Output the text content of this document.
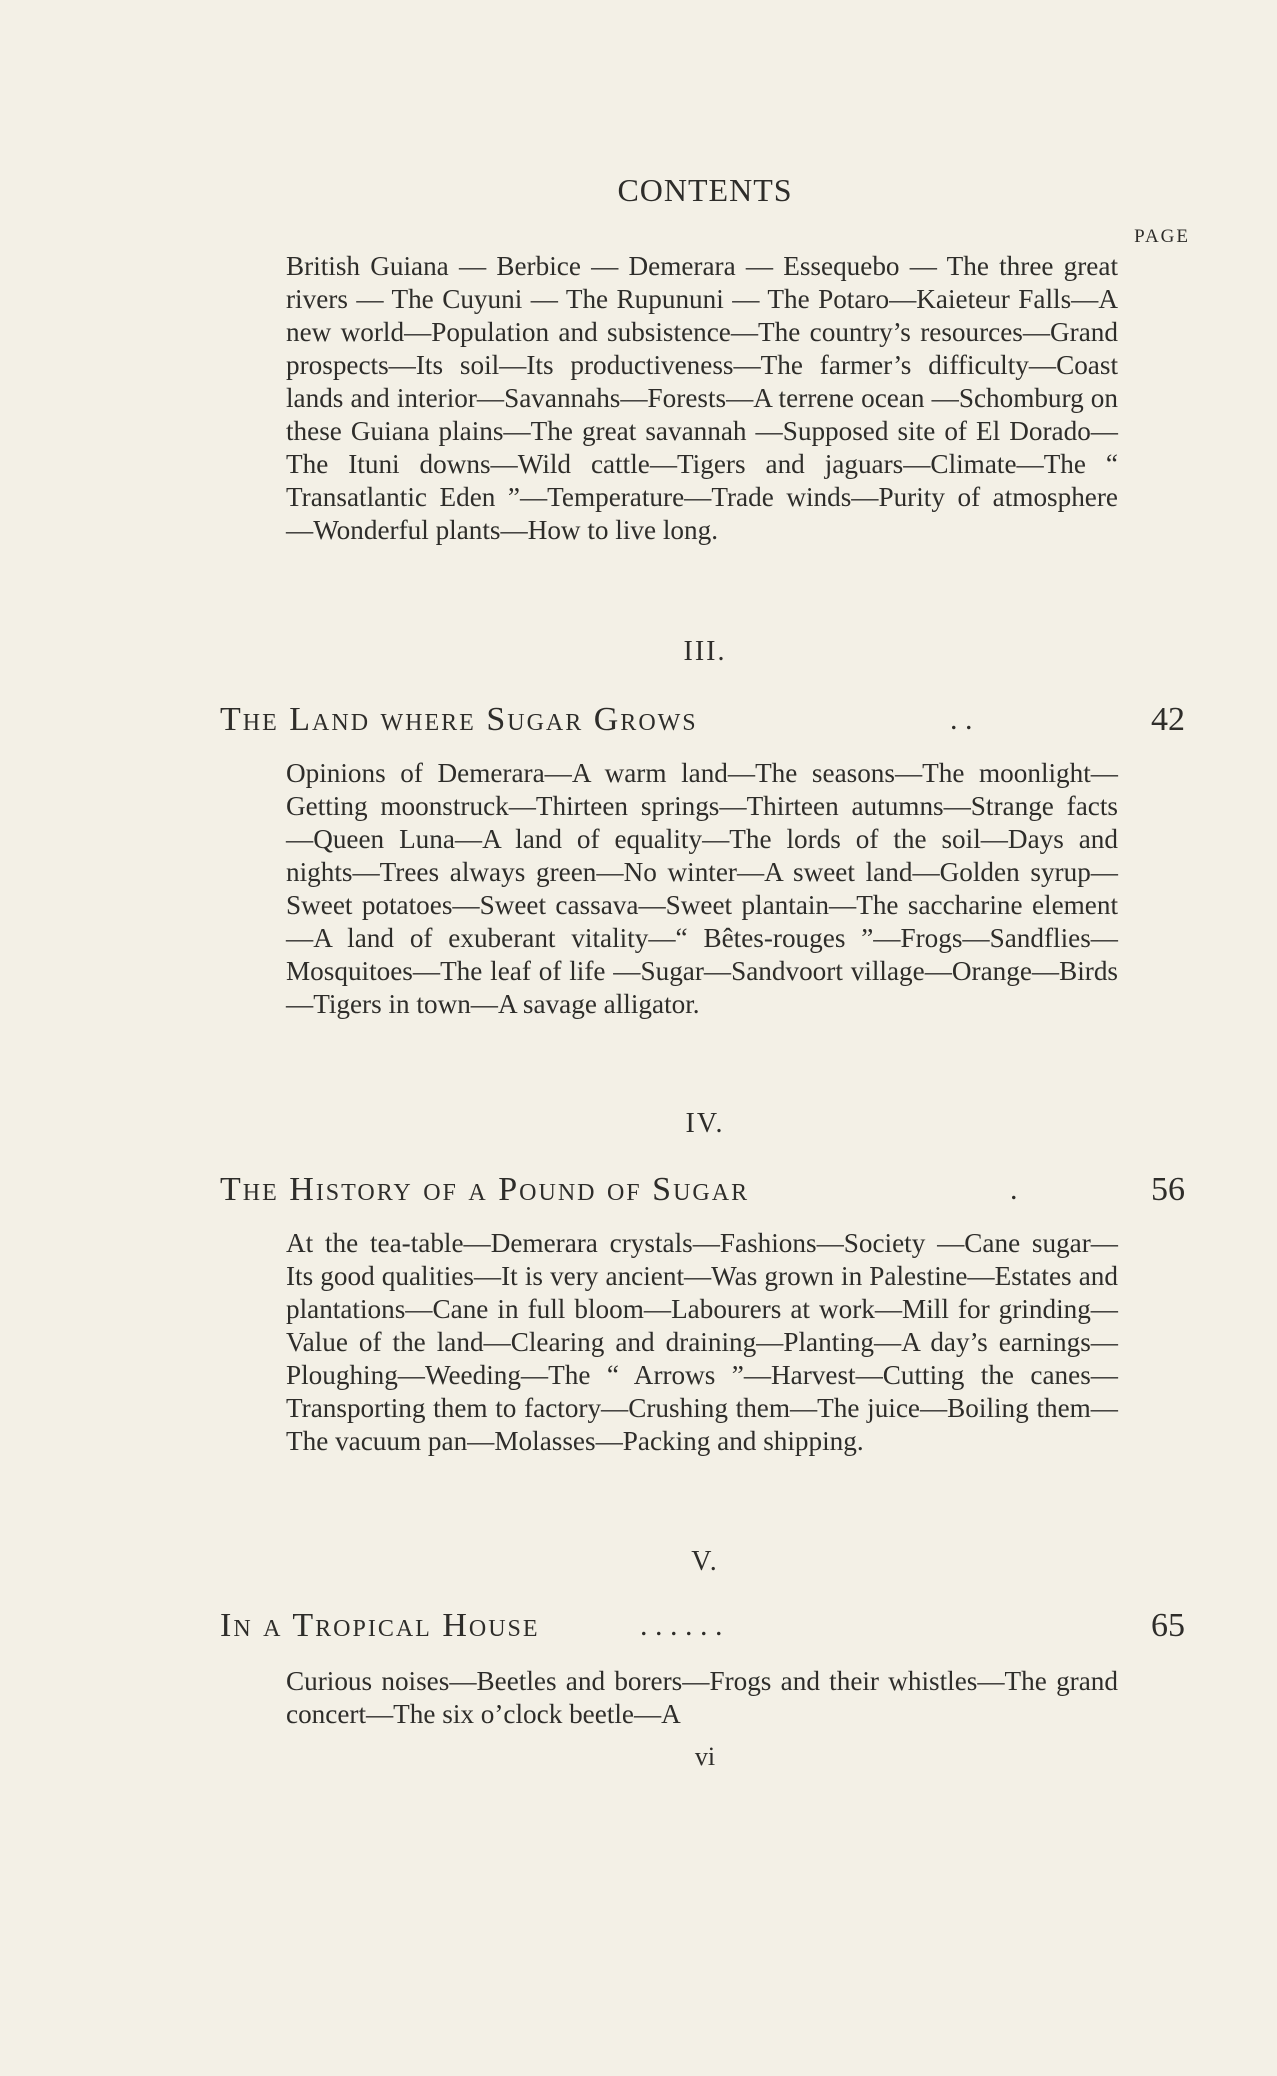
CONTENTS
PAGE

British Guiana — Berbice — Demerara — Essequebo — The three great rivers — The Cuyuni — The Rupununi — The Potaro—Kaieteur Falls—A new world—Population and subsistence—The country’s resources—Grand prospects—Its soil—Its productiveness—The farmer’s difficulty—Coast lands and interior—Savannahs—Forests—A terrene ocean —Schomburg on these Guiana plains—The great savannah —Supposed site of El Dorado—The Ituni downs—Wild cattle—Tigers and jaguars—Climate—The “ Transatlantic Eden ”—Temperature—Trade winds—Purity of atmosphere —Wonderful plants—How to live long.

III.
The Land where Sugar Grows	. .	42

Opinions of Demerara—A warm land—The seasons—The moonlight—Getting moonstruck—Thirteen springs—Thirteen autumns—Strange facts—Queen Luna—A land of equality—The lords of the soil—Days and nights—Trees always green—No winter—A sweet land—Golden syrup—Sweet potatoes—Sweet cassava—Sweet plantain—The saccharine element—A land of exuberant vitality—“ Bêtes-rouges ”—Frogs—Sandflies—Mosquitoes—The leaf of life —Sugar—Sandvoort village—Orange—Birds—Tigers in town—A savage alligator.

IV.
The History of a Pound of Sugar	.	56

At the tea-table—Demerara crystals—Fashions—Society —Cane sugar—Its good qualities—It is very ancient—Was grown in Palestine—Estates and plantations—Cane in full bloom—Labourers at work—Mill for grinding—Value of the land—Clearing and draining—Planting—A day’s earnings—Ploughing—Weeding—The “ Arrows ”—Harvest—Cutting the canes—Transporting them to factory—Crushing them—The juice—Boiling them—The vacuum pan—Molasses—Packing and shipping.

V.
In a Tropical House	. . . . . .	65

Curious noises—Beetles and borers—Frogs and their whistles—The grand concert—The six o’clock beetle—A

vi
